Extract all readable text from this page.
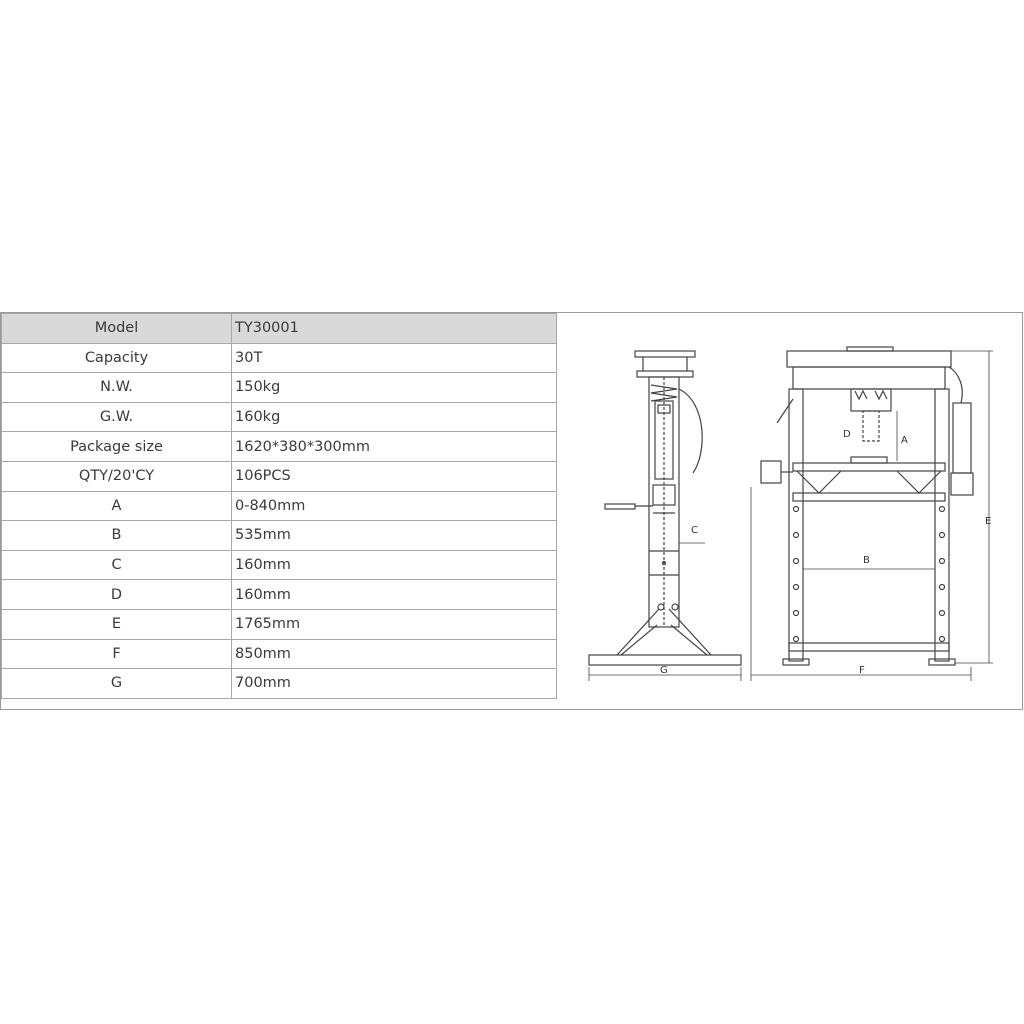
Model	TY30001
Capacity	30T
N.W.	150kg
G.W.	160kg
Package size	1620*380*300mm
QTY/20'CY	106PCS
A	0-840mm
B	535mm
C	160mm
D	160mm
E	1765mm
F	850mm
G	700mm
C
G
D
A
B
E
F
